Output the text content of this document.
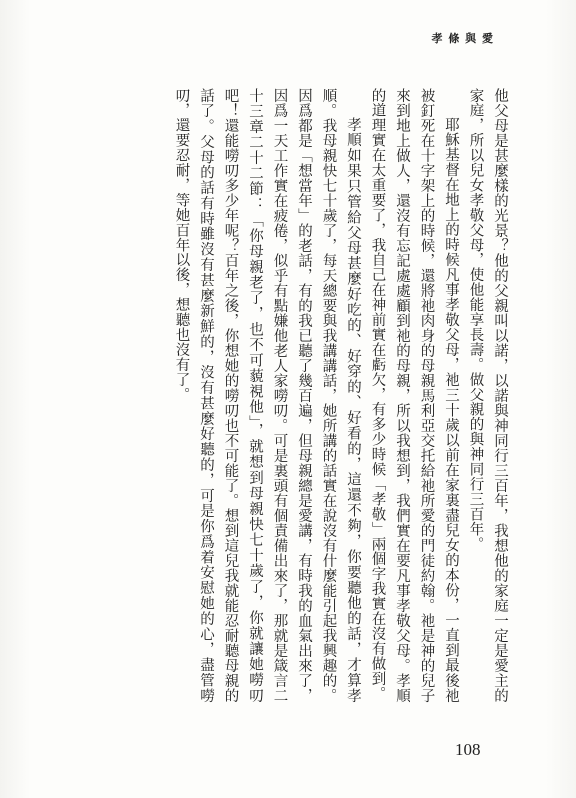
孝 條 與 愛

他父母是甚麼樣的光景？他的父親叫以諾，以諾與神同行三百年，我想他的家庭一定是愛主的家庭，所以兒女孝敬父母，使他能享長壽。做父親的與神同行三百年。

耶穌基督在地上的時候凡事孝敬父母，祂三十歲以前在家裏盡兒女的本份，一直到最後祂被釘死在十字架上的時候，還將祂肉身的母親馬利亞交托給祂所愛的門徒約翰。祂是神的兒子來到地上做人，還沒有忘記處處顧到祂的母親，所以我想到，我們實在要凡事孝敬父母。孝順的道理實在太重要了，我自己在神前實在虧欠，有多少時候「孝敬」兩個字我實在沒有做到。

孝順如果只管給父母甚麼好吃的、好穿的、好看的，這還不夠，你要聽他的話，才算孝順。我母親快七十歲了，每天總要與我講講話，她所講的話實在說沒有什麼能引起我興趣的。因爲都是「想當年」的老話，有的我已聽了幾百遍，但母親總是愛講，有時我的血氣出來了，因爲一天工作實在疲倦，似乎有點嫌他老人家嘮叨。可是裏頭有個責備出來了，那就是箴言二十三章二十二節：「你母親老了，也不可藐視他」，就想到母親快七十歲了，你就讓她嘮叨吧！還能嘮叨多少年呢？百年之後，你想她的嘮叨也不可能了。想到這兒我就能忍耐聽母親的話了。父母的話有時雖沒有甚麼新鮮的，沒有甚麼好聽的，可是你爲着安慰她的心，盡管嘮叨，還要忍耐，等她百年以後，想聽也沒有了。

108
